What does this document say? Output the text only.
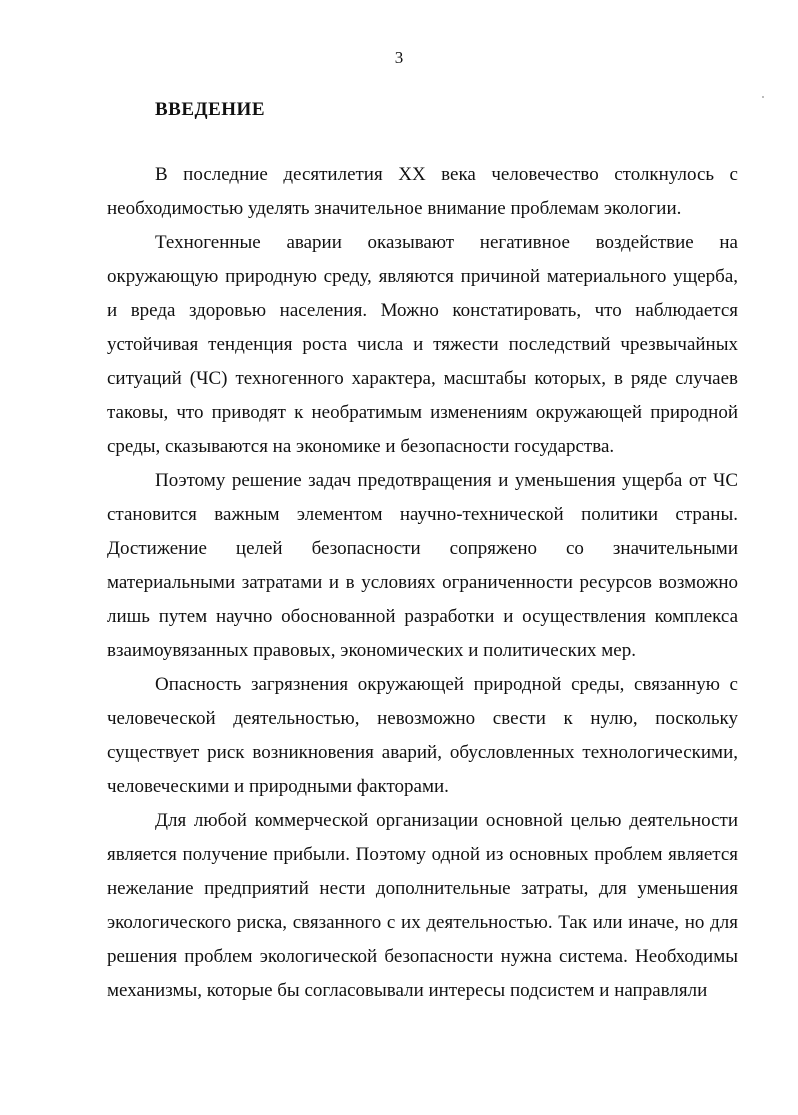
3
ВВЕДЕНИЕ

В последние десятилетия XX века человечество столкнулось с необходимостью уделять значительное внимание проблемам экологии.

Техногенные аварии оказывают негативное воздействие на окружающую природную среду, являются причиной материального ущерба, и вреда здоровью населения. Можно констатировать, что наблюдается устойчивая тенденция роста числа и тяжести последствий чрезвычайных ситуаций (ЧС) техногенного характера, масштабы которых, в ряде случаев таковы, что приводят к необратимым изменениям окружающей природной среды, сказываются на экономике и безопасности государства.

Поэтому решение задач предотвращения и уменьшения ущерба от ЧС становится важным элементом научно-технической политики страны. Достижение целей безопасности сопряжено со значительными материальными затратами и в условиях ограниченности ресурсов возможно лишь путем научно обоснованной разработки и осуществления комплекса взаимоувязанных правовых, экономических и политических мер.

Опасность загрязнения окружающей природной среды, связанную с человеческой деятельностью, невозможно свести к нулю, поскольку существует риск возникновения аварий, обусловленных технологическими, человеческими и природными факторами.

Для любой коммерческой организации основной целью деятельности является получение прибыли. Поэтому одной из основных проблем является нежелание предприятий нести дополнительные затраты, для уменьшения экологического риска, связанного с их деятельностью. Так или иначе, но для решения проблем экологической безопасности нужна система. Необходимы механизмы, которые бы согласовывали интересы подсистем и направляли
